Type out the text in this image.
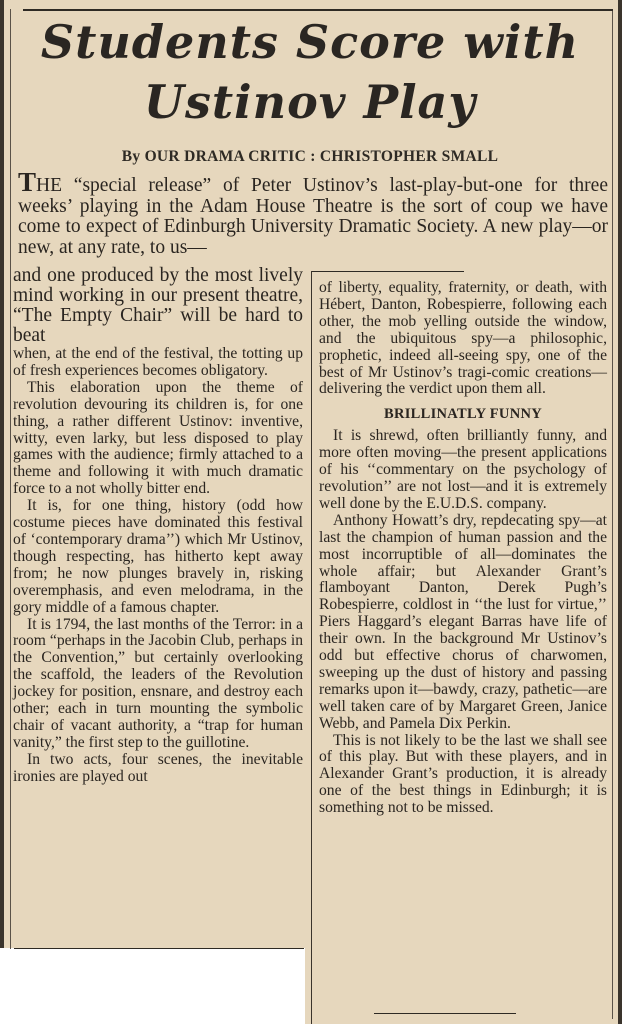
Students Score with
Ustinov Play
By OUR DRAMA CRITIC : CHRISTOPHER SMALL
THE “special release” of Peter Ustinov’s last-play-but-one for three weeks’ playing in the Adam House Theatre is the sort of coup we have come to expect of Edinburgh University Dramatic Society. A new play—or new, at any rate, to us—

and one produced by the most lively mind working in our present theatre, “The Empty Chair” will be hard to beat

when, at the end of the festival, the totting up of fresh experiences becomes obligatory.

This elaboration upon the theme of revolution devouring its children is, for one thing, a rather different Ustinov: inventive, witty, even larky, but less disposed to play games with the audience; firmly attached to a theme and following it with much dramatic force to a not wholly bitter end.

It is, for one thing, history (odd how costume pieces have dominated this festival of ‘contemporary drama’’) which Mr Ustinov, though respecting, has hitherto kept away from; he now plunges bravely in, risking overemphasis, and even melodrama, in the gory middle of a famous chapter.

It is 1794, the last months of the Terror: in a room “perhaps in the Jacobin Club, perhaps in the Convention,” but certainly overlooking the scaffold, the leaders of the Revolution jockey for position, ensnare, and destroy each other; each in turn mounting the symbolic chair of vacant authority, a “trap for human vanity,” the first step to the guillotine.

In two acts, four scenes, the inevitable ironies are played out

of liberty, equality, fraternity, or death, with Hébert, Danton, Robespierre, following each other, the mob yelling outside the window, and the ubiquitous spy—a philosophic, prophetic, indeed all-seeing spy, one of the best of Mr Ustinov’s tragi-comic creations—delivering the verdict upon them all.

BRILLINATLY FUNNY

It is shrewd, often brilliantly funny, and more often moving—the present applications of his ‘‘commentary on the psychology of revolution’’ are not lost—and it is extremely well done by the E.U.D.S. company.

Anthony Howatt’s dry, repdecating spy—at last the champion of human passion and the most incorruptible of all—dominates the whole affair; but Alexander Grant’s flamboyant Danton, Derek Pugh’s Robespierre, coldlost in ‘‘the lust for virtue,’’ Piers Haggard’s elegant Barras have life of their own. In the background Mr Ustinov’s odd but effective chorus of charwomen, sweeping up the dust of history and passing remarks upon it—bawdy, crazy, pathetic—are well taken care of by Margaret Green, Janice Webb, and Pamela Dix Perkin.

This is not likely to be the last we shall see of this play. But with these players, and in Alexander Grant’s production, it is already one of the best things in Edinburgh; it is something not to be missed.
